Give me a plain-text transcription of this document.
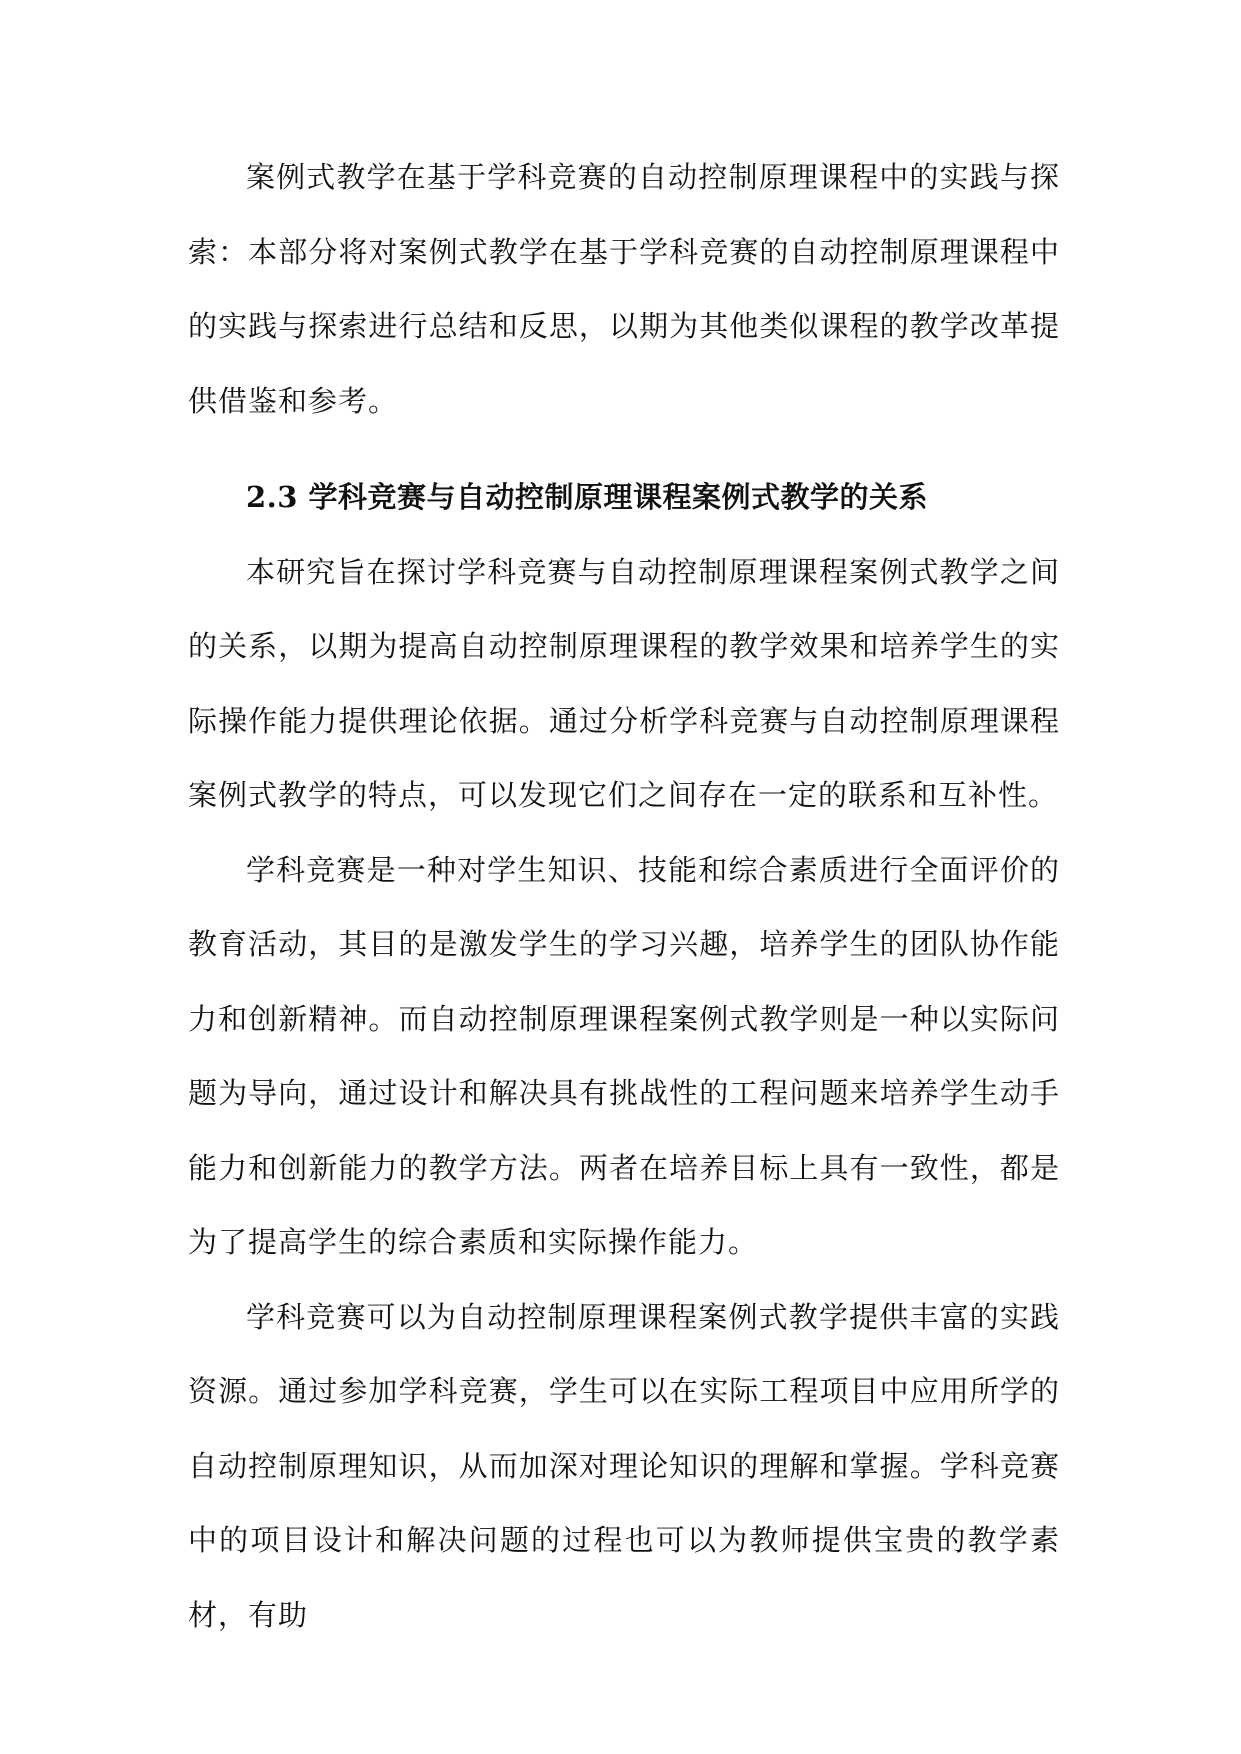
案例式教学在基于学科竞赛的自动控制原理课程中的实践与探索：本部分将对案例式教学在基于学科竞赛的自动控制原理课程中的实践与探索进行总结和反思，以期为其他类似课程的教学改革提供借鉴和参考。

2.3 学科竞赛与自动控制原理课程案例式教学的关系

本研究旨在探讨学科竞赛与自动控制原理课程案例式教学之间的关系，以期为提高自动控制原理课程的教学效果和培养学生的实际操作能力提供理论依据。通过分析学科竞赛与自动控制原理课程案例式教学的特点，可以发现它们之间存在一定的联系和互补性。

学科竞赛是一种对学生知识、技能和综合素质进行全面评价的教育活动，其目的是激发学生的学习兴趣，培养学生的团队协作能力和创新精神。而自动控制原理课程案例式教学则是一种以实际问题为导向，通过设计和解决具有挑战性的工程问题来培养学生动手能力和创新能力的教学方法。两者在培养目标上具有一致性，都是为了提高学生的综合素质和实际操作能力。

学科竞赛可以为自动控制原理课程案例式教学提供丰富的实践资源。通过参加学科竞赛，学生可以在实际工程项目中应用所学的自动控制原理知识，从而加深对理论知识的理解和掌握。学科竞赛中的项目设计和解决问题的过程也可以为教师提供宝贵的教学素材，有助
